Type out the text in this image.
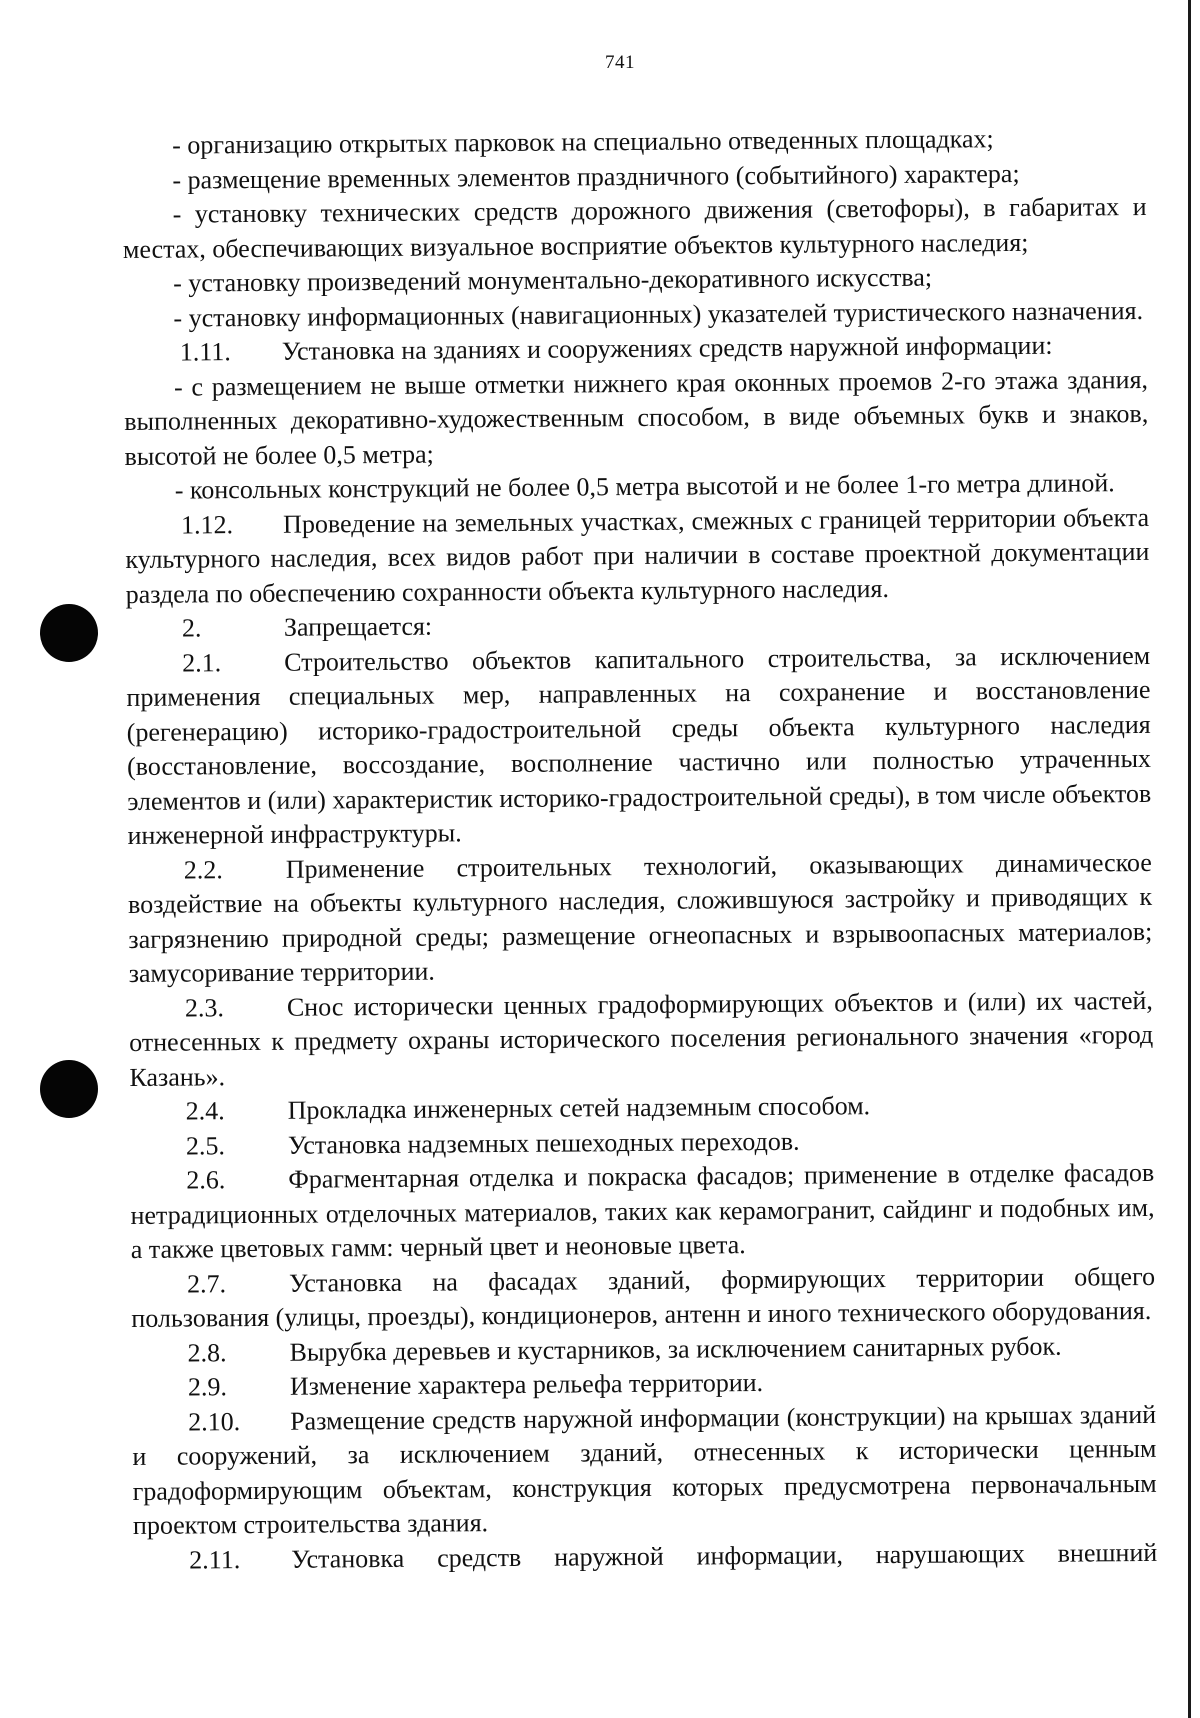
741

- организацию открытых парковок на специально отведенных площадках;

- размещение временных элементов праздничного (событийного) характера;

- установку технических средств дорожного движения (светофоры), в габаритах и местах, обеспечивающих визуальное восприятие объектов культурного наследия;

- установку произведений монументально-декоративного искусства;

- установку информационных (навигационных) указателей туристического назначения.

1.11. Установка на зданиях и сооружениях средств наружной информации:

- с размещением не выше отметки нижнего края оконных проемов 2-го этажа здания, выполненных декоративно-художественным способом, в виде объемных букв и знаков, высотой не более 0,5 метра;

- консольных конструкций не более 0,5 метра высотой и не более 1-го метра длиной.

1.12. Проведение на земельных участках, смежных с границей территории объекта культурного наследия, всех видов работ при наличии в составе проектной документации раздела по обеспечению сохранности объекта культурного наследия.

2.	Запрещается:

2.1. Строительство объектов капитального строительства, за исключением применения специальных мер, направленных на сохранение и восстановление (регенерацию) историко-градостроительной среды объекта культурного наследия (восстановление, воссоздание, восполнение частично или полностью утраченных элементов и (или) характеристик историко-градостроительной среды), в том числе объектов инженерной инфраструктуры.

2.2. Применение строительных технологий, оказывающих динамическое воздействие на объекты культурного наследия, сложившуюся застройку и приводящих к загрязнению природной среды; размещение огнеопасных и взрывоопасных материалов; замусоривание территории.

2.3. Снос исторически ценных градоформирующих объектов и (или) их частей, отнесенных к предмету охраны исторического поселения регионального значения «город Казань».

2.4. Прокладка инженерных сетей надземным способом.

2.5. Установка надземных пешеходных переходов.

2.6. Фрагментарная отделка и покраска фасадов; применение в отделке фасадов нетрадиционных отделочных материалов, таких как керамогранит, сайдинг и подобных им, а также цветовых гамм: черный цвет и неоновые цвета.

2.7. Установка на фасадах зданий, формирующих территории общего пользования (улицы, проезды), кондиционеров, антенн и иного технического оборудования.

2.8. Вырубка деревьев и кустарников, за исключением санитарных рубок.

2.9. Изменение характера рельефа территории.

2.10. Размещение средств наружной информации (конструкции) на крышах зданий и сооружений, за исключением зданий, отнесенных к исторически ценным градоформирующим объектам, конструкция которых предусмотрена первоначальным проектом строительства здания.

2.11. Установка средств наружной информации, нарушающих внешний
